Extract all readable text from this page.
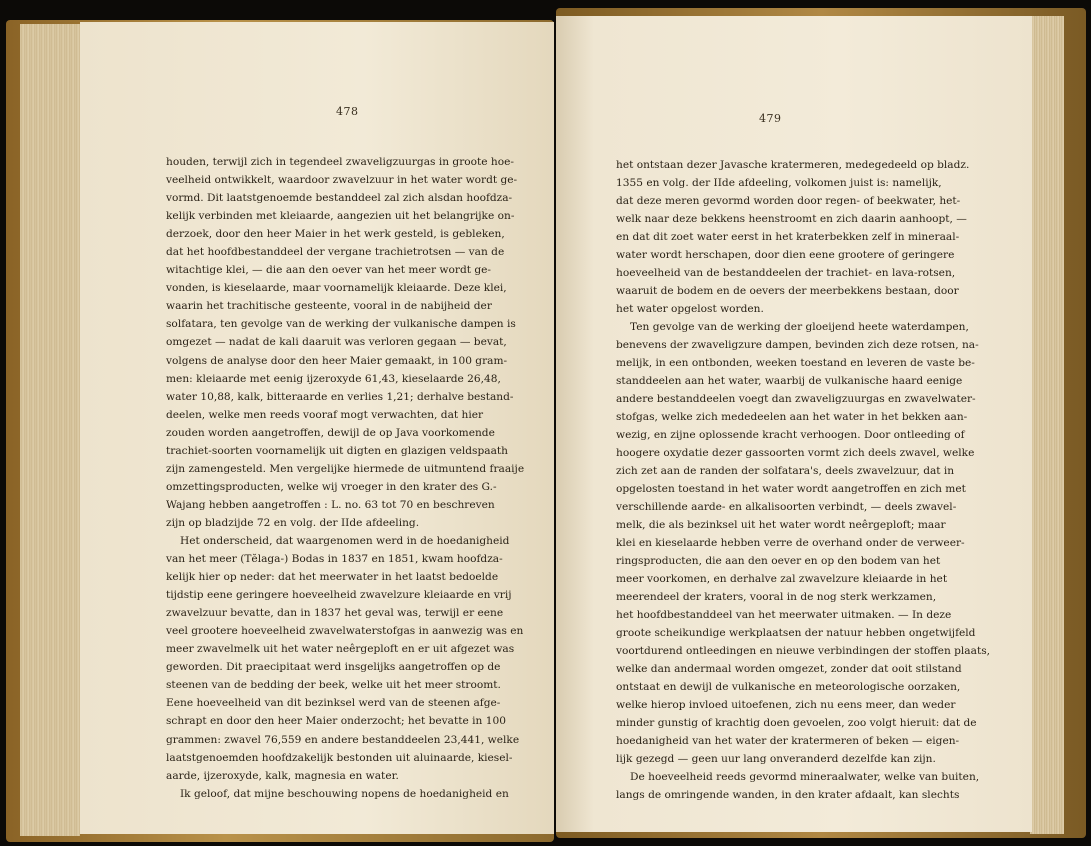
478
houden, terwijl zich in tegendeel zwaveligzuurgas in groote hoe-
veelheid ontwikkelt, waardoor zwavelzuur in het water wordt ge-
vormd. Dit laatstgenoemde bestanddeel zal zich alsdan hoofdza-
kelijk verbinden met kleiaarde, aangezien uit het belangrijke on-
derzoek, door den heer Maier in het werk gesteld, is gebleken,
dat het hoofdbestanddeel der vergane trachietrotsen — van de
witachtige klei, — die aan den oever van het meer wordt ge-
vonden, is kieselaarde, maar voornamelijk kleiaarde. Deze klei,
waarin het trachitische gesteente, vooral in de nabijheid der
solfatara, ten gevolge van de werking der vulkanische dampen is
omgezet — nadat de kali daaruit was verloren gegaan — bevat,
volgens de analyse door den heer Maier gemaakt, in 100 gram-
men: kleiaarde met eenig ijzeroxyde 61,43, kieselaarde 26,48,
water 10,88, kalk, bitteraarde en verlies 1,21; derhalve bestand-
deelen, welke men reeds vooraf mogt verwachten, dat hier
zouden worden aangetroffen, dewijl de op Java voorkomende
trachiet-soorten voornamelijk uit digten en glazigen veldspaath
zijn zamengesteld. Men vergelijke hiermede de uitmuntend fraaije
omzettingsproducten, welke wij vroeger in den krater des G.-
Wajang hebben aangetroffen : L. no. 63 tot 70 en beschreven
zijn op bladzijde 72 en volg. der IIde afdeeling.
Het onderscheid, dat waargenomen werd in de hoedanigheid
van het meer (Tĕlaga-) Bodas in 1837 en 1851, kwam hoofdza-
kelijk hier op neder: dat het meerwater in het laatst bedoelde
tijdstip eene geringere hoeveelheid zwavelzure kleiaarde en vrij
zwavelzuur bevatte, dan in 1837 het geval was, terwijl er eene
veel grootere hoeveelheid zwavelwaterstofgas in aanwezig was en
meer zwavelmelk uit het water neêrgeploft en er uit afgezet was
geworden. Dit praecipitaat werd insgelijks aangetroffen op de
steenen van de bedding der beek, welke uit het meer stroomt.
Eene hoeveelheid van dit bezinksel werd van de steenen afge-
schrapt en door den heer Maier onderzocht; het bevatte in 100
grammen: zwavel 76,559 en andere bestanddeelen 23,441, welke
laatstgenoemden hoofdzakelijk bestonden uit aluinaarde, kiesel-
aarde, ijzeroxyde, kalk, magnesia en water.
Ik geloof, dat mijne beschouwing nopens de hoedanigheid en
479
het ontstaan dezer Javasche kratermeren, medegedeeld op bladz.
1355 en volg. der IIde afdeeling, volkomen juist is: namelijk,
dat deze meren gevormd worden door regen- of beekwater, het-
welk naar deze bekkens heenstroomt en zich daarin aanhoopt, —
en dat dit zoet water eerst in het kraterbekken zelf in mineraal-
water wordt herschapen, door dien eene grootere of geringere
hoeveelheid van de bestanddeelen der trachiet- en lava-rotsen,
waaruit de bodem en de oevers der meerbekkens bestaan, door
het water opgelost worden.
Ten gevolge van de werking der gloeijend heete waterdampen,
benevens der zwaveligzure dampen, bevinden zich deze rotsen, na-
melijk, in een ontbonden, weeken toestand en leveren de vaste be-
standdeelen aan het water, waarbij de vulkanische haard eenige
andere bestanddeelen voegt dan zwaveligzuurgas en zwavelwater-
stofgas, welke zich mededeelen aan het water in het bekken aan-
wezig, en zijne oplossende kracht verhoogen. Door ontleeding of
hoogere oxydatie dezer gassoorten vormt zich deels zwavel, welke
zich zet aan de randen der solfatara's, deels zwavelzuur, dat in
opgelosten toestand in het water wordt aangetroffen en zich met
verschillende aarde- en alkalisoorten verbindt, — deels zwavel-
melk, die als bezinksel uit het water wordt neêrgeploft; maar
klei en kieselaarde hebben verre de overhand onder de verweer-
ringsproducten, die aan den oever en op den bodem van het
meer voorkomen, en derhalve zal zwavelzure kleiaarde in het
meerendeel der kraters, vooral in de nog sterk werkzamen,
het hoofdbestanddeel van het meerwater uitmaken. — In deze
groote scheikundige werkplaatsen der natuur hebben ongetwijfeld
voortdurend ontleedingen en nieuwe verbindingen der stoffen plaats,
welke dan andermaal worden omgezet, zonder dat ooit stilstand
ontstaat en dewijl de vulkanische en meteorologische oorzaken,
welke hierop invloed uitoefenen, zich nu eens meer, dan weder
minder gunstig of krachtig doen gevoelen, zoo volgt hieruit: dat de
hoedanigheid van het water der kratermeren of beken — eigen-
lijk gezegd — geen uur lang onveranderd dezelfde kan zijn.
De hoeveelheid reeds gevormd mineraalwater, welke van buiten,
langs de omringende wanden, in den krater afdaalt, kan slechts
